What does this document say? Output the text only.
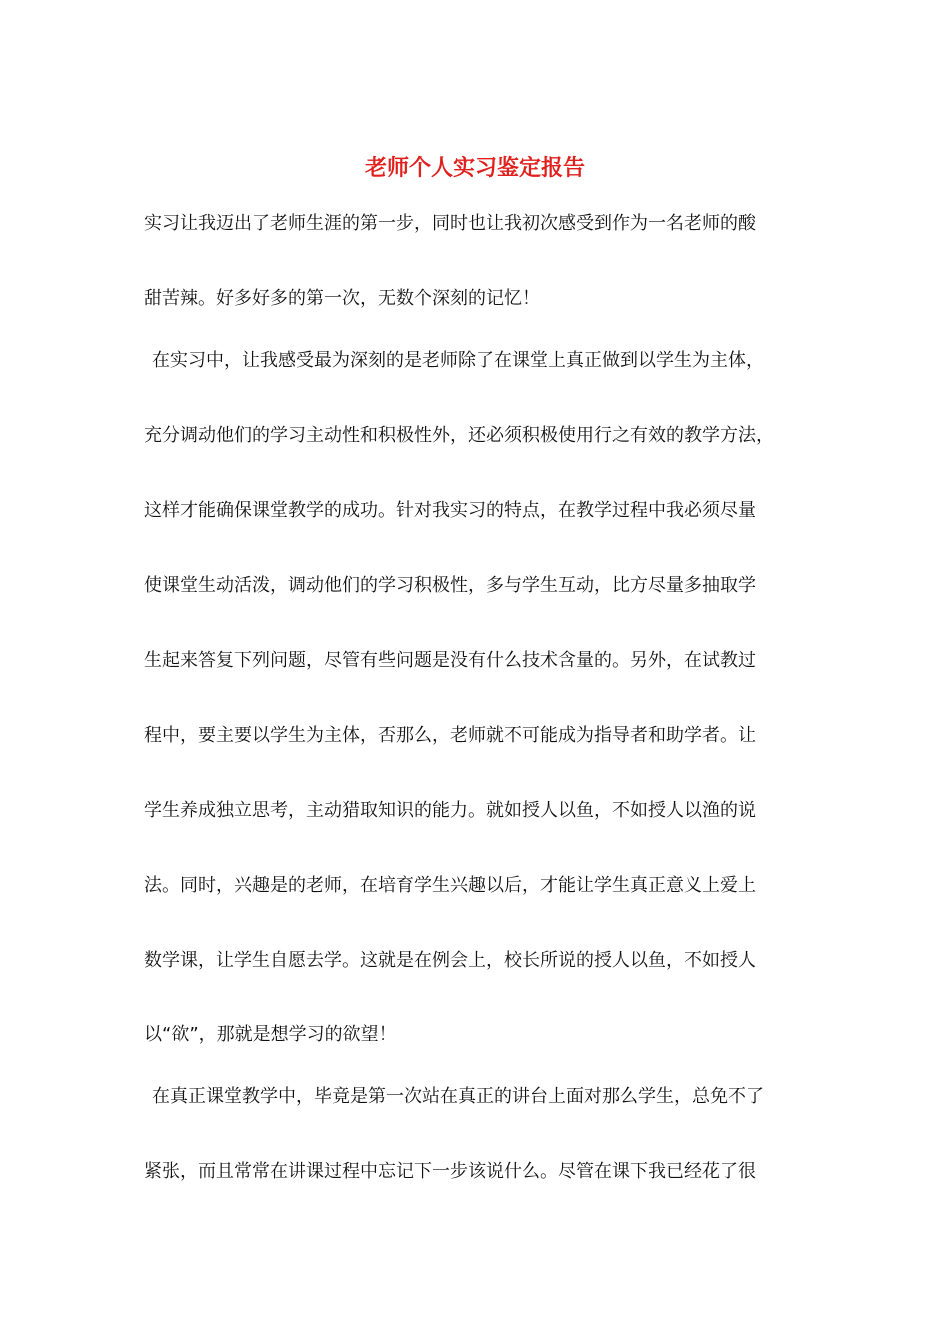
老师个人实习鉴定报告
实习让我迈出了老师生涯的第一步，同时也让我初次感受到作为一名老师的酸
甜苦辣。好多好多的第一次，无数个深刻的记忆！
在实习中，让我感受最为深刻的是老师除了在课堂上真正做到以学生为主体，
充分调动他们的学习主动性和积极性外，还必须积极使用行之有效的教学方法，
这样才能确保课堂教学的成功。针对我实习的特点，在教学过程中我必须尽量
使课堂生动活泼，调动他们的学习积极性，多与学生互动，比方尽量多抽取学
生起来答复下列问题，尽管有些问题是没有什么技术含量的。另外，在试教过
程中，要主要以学生为主体，否那么，老师就不可能成为指导者和助学者。让
学生养成独立思考，主动猎取知识的能力。就如授人以鱼，不如授人以渔的说
法。同时，兴趣是的老师，在培育学生兴趣以后，才能让学生真正意义上爱上
数学课，让学生自愿去学。这就是在例会上，校长所说的授人以鱼，不如授人
以“欲”，那就是想学习的欲望！
在真正课堂教学中，毕竟是第一次站在真正的讲台上面对那么学生，总免不了
紧张，而且常常在讲课过程中忘记下一步该说什么。尽管在课下我已经花了很
